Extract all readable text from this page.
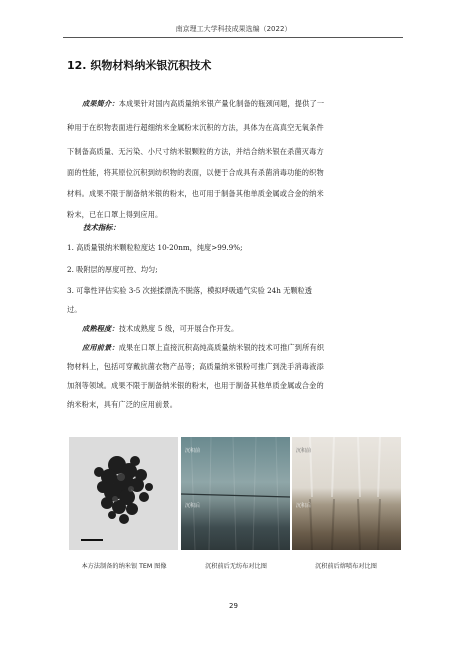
南京理工大学科技成果选编（2022）
12. 织物材料纳米银沉积技术

成果简介：本成果针对国内高质量纳米银产量化制备的瓶颈问题，提供了一

种用于在织物表面进行超细纳米金属粉末沉积的方法，具体为在高真空无氧条件

下制备高质量、无污染、小尺寸纳米银颗粒的方法，并结合纳米银在杀菌灭毒方

面的性能，将其原位沉积到纺织物的表面，以便于合成具有杀菌消毒功能的织物

材料。成果不限于制备纳米银的粉末，也可用于制备其他单质金属或合金的纳米

粉末，已在口罩上得到应用。

技术指标：

1. 高质量银纳米颗粒粒度达 10-20nm，纯度>99.9%;

2. 吸附层的厚度可控、均匀;

3. 可靠性评估实验 3-5 次搓揉漂洗不脱落，模拟呼吸通气实验 24h 无颗粒透

过。

成熟程度：技术成熟度 5 级，可开展合作开发。

应用前景：成果在口罩上直接沉积高纯高质量纳米银的技术可推广到所有织

物材料上，包括可穿戴抗菌衣物产品等；高质量纳米银粉可推广到洗手消毒液添

加剂等领域。成果不限于制备纳米银的粉末，也用于制备其他单质金属或合金的

纳米粉末，具有广泛的应用前景。

沉积前
沉积后
沉积前
沉积后
本方法制备的纳米银 TEM 图像	沉积前后无纺布对比图	沉积前后熔喷布对比图
29
